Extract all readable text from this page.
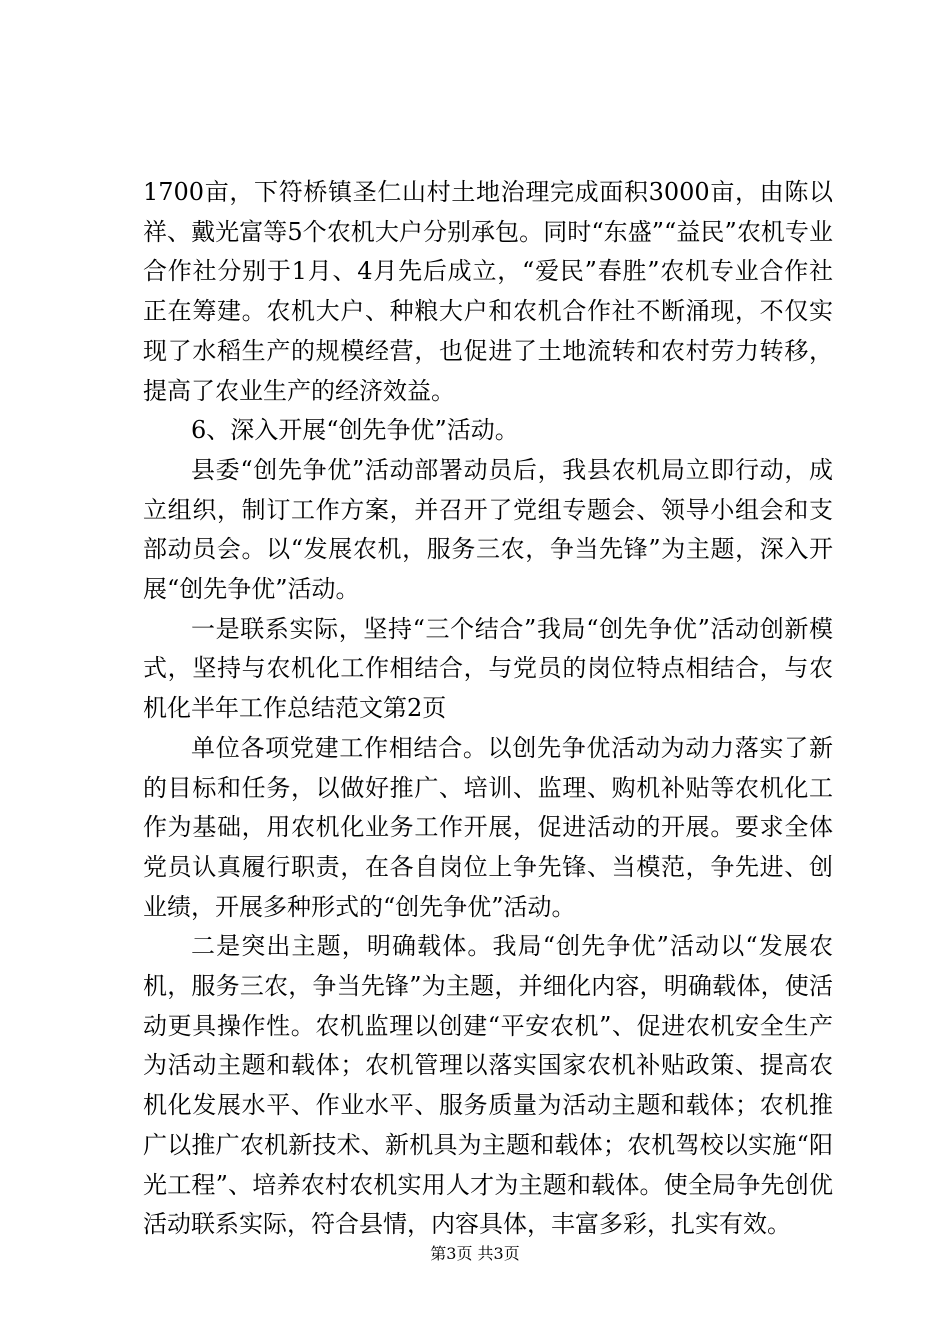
1700亩，下符桥镇圣仁山村土地治理完成面积3000亩，由陈以祥、戴光富等5个农机大户分别承包。同时“东盛”“益民”农机专业合作社分别于1月、4月先后成立，“爱民”春胜”农机专业合作社正在筹建。农机大户、种粮大户和农机合作社不断涌现，不仅实现了水稻生产的规模经营，也促进了土地流转和农村劳力转移，提高了农业生产的经济效益。

6、深入开展“创先争优”活动。

县委“创先争优”活动部署动员后，我县农机局立即行动，成立组织，制订工作方案，并召开了党组专题会、领导小组会和支部动员会。以“发展农机，服务三农，争当先锋”为主题，深入开展“创先争优”活动。

一是联系实际，坚持“三个结合”我局“创先争优”活动创新模式，坚持与农机化工作相结合，与党员的岗位特点相结合，与农机化半年工作总结范文第2页

单位各项党建工作相结合。以创先争优活动为动力落实了新的目标和任务，以做好推广、培训、监理、购机补贴等农机化工作为基础，用农机化业务工作开展，促进活动的开展。要求全体党员认真履行职责，在各自岗位上争先锋、当模范，争先进、创业绩，开展多种形式的“创先争优”活动。

二是突出主题，明确载体。我局“创先争优”活动以“发展农机，服务三农，争当先锋”为主题，并细化内容，明确载体，使活动更具操作性。农机监理以创建“平安农机”、促进农机安全生产为活动主题和载体；农机管理以落实国家农机补贴政策、提高农机化发展水平、作业水平、服务质量为活动主题和载体；农机推广以推广农机新技术、新机具为主题和载体；农机驾校以实施“阳光工程”、培养农村农机实用人才为主题和载体。使全局争先创优活动联系实际，符合县情，内容具体，丰富多彩，扎实有效。

第3页 共3页
